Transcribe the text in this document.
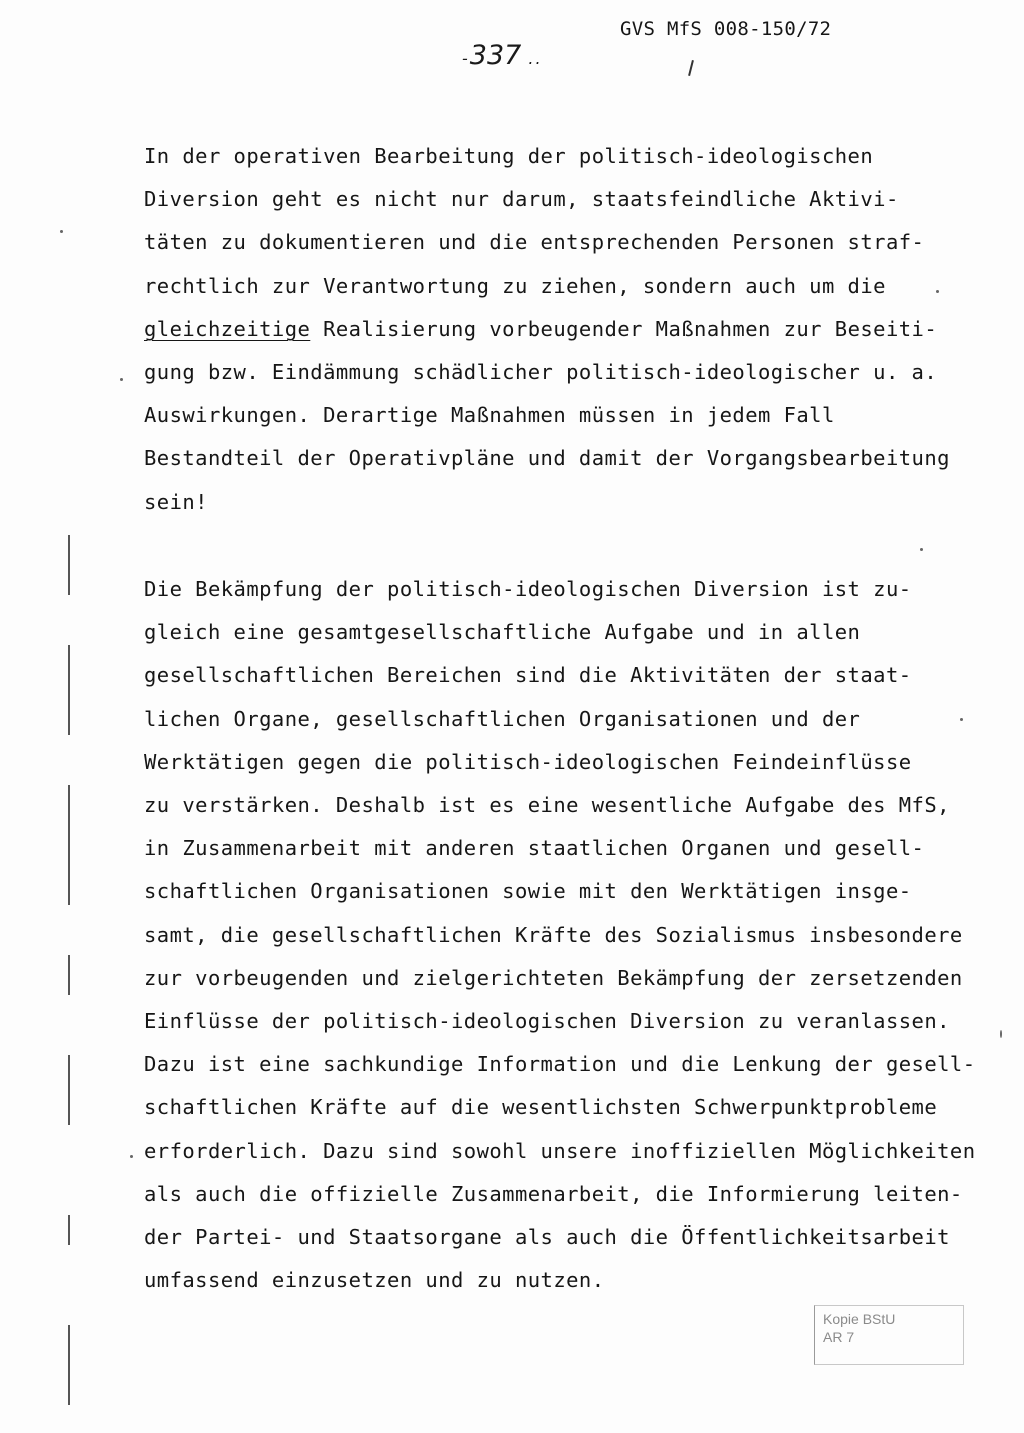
GVS MfS 008-150/72
-337 ..

In der operativen Bearbeitung der politisch-ideologischen
Diversion geht es nicht nur darum, staatsfeindliche Aktivi-
täten zu dokumentieren und die entsprechenden Personen straf-
rechtlich zur Verantwortung zu ziehen, sondern auch um die
gleichzeitige Realisierung vorbeugender Maßnahmen zur Beseiti-
gung bzw. Eindämmung schädlicher politisch-ideologischer u. a.
Auswirkungen. Derartige Maßnahmen müssen in jedem Fall
Bestandteil der Operativpläne und damit der Vorgangsbearbeitung
sein!

Die Bekämpfung der politisch-ideologischen Diversion ist zu-
gleich eine gesamtgesellschaftliche Aufgabe und in allen
gesellschaftlichen Bereichen sind die Aktivitäten der staat-
lichen Organe, gesellschaftlichen Organisationen und der
Werktätigen gegen die politisch-ideologischen Feindeinflüsse
zu verstärken. Deshalb ist es eine wesentliche Aufgabe des MfS,
in Zusammenarbeit mit anderen staatlichen Organen und gesell-
schaftlichen Organisationen sowie mit den Werktätigen insge-
samt, die gesellschaftlichen Kräfte des Sozialismus insbesondere
zur vorbeugenden und zielgerichteten Bekämpfung der zersetzenden
Einflüsse der politisch-ideologischen Diversion zu veranlassen.
Dazu ist eine sachkundige Information und die Lenkung der gesell-
schaftlichen Kräfte auf die wesentlichsten Schwerpunktprobleme
erforderlich. Dazu sind sowohl unsere inoffiziellen Möglichkeiten
als auch die offizielle Zusammenarbeit, die Informierung leiten-
der Partei- und Staatsorgane als auch die Öffentlichkeitsarbeit
umfassend einzusetzen und zu nutzen.

Kopie BStU
AR 7
